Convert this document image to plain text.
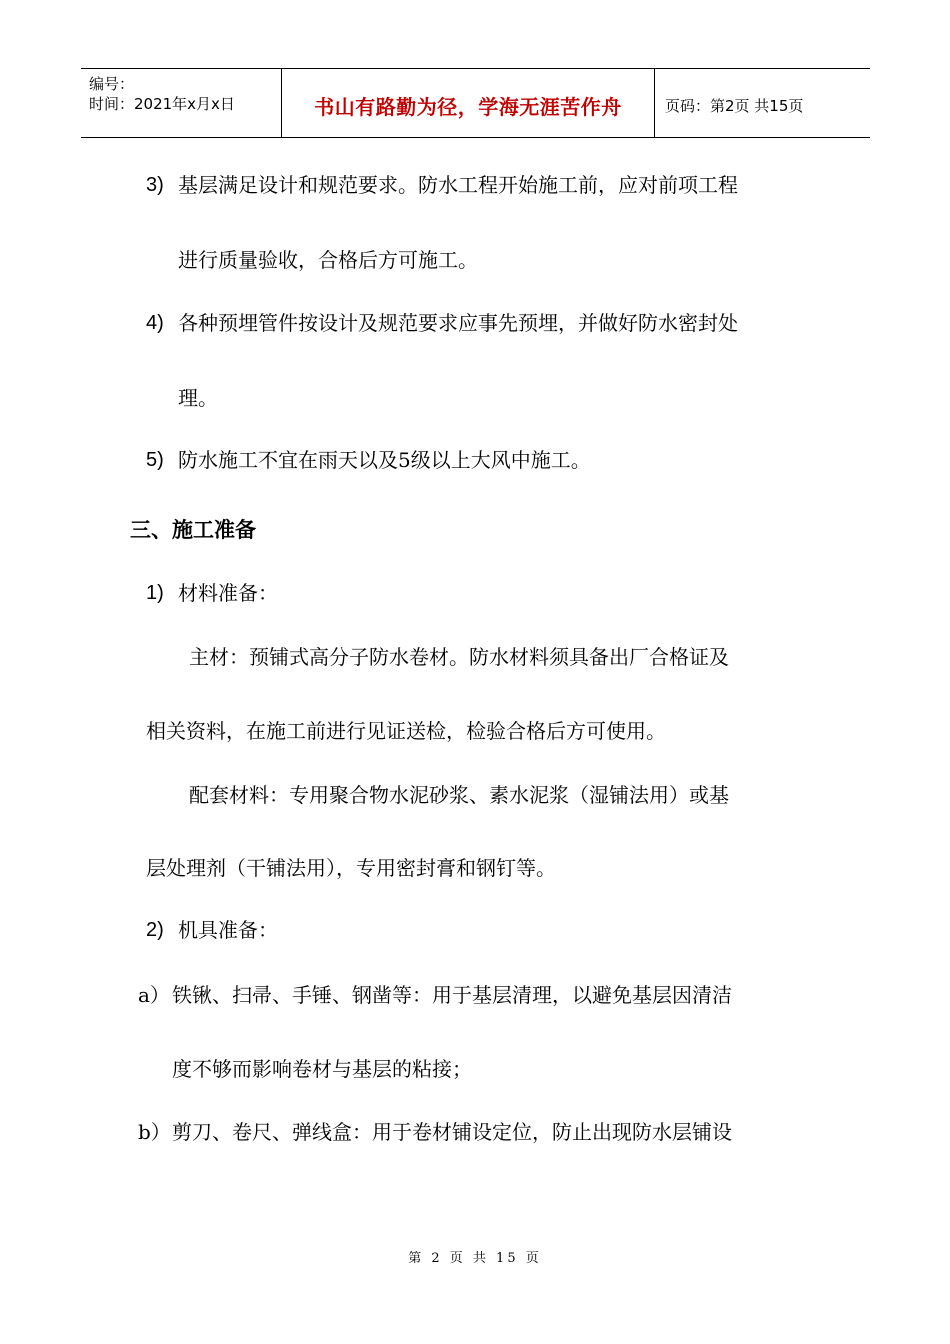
编号：
时间：2021年x月x日	书山有路勤为径，学海无涯苦作舟	页码：第2页 共15页
3) 基层满足设计和规范要求。防水工程开始施工前，应对前项工程
进行质量验收，合格后方可施工。
4) 各种预埋管件按设计及规范要求应事先预埋，并做好防水密封处
理。
5) 防水施工不宜在雨天以及5级以上大风中施工。
三、施工准备
1) 材料准备：
主材：预铺式高分子防水卷材。防水材料须具备出厂合格证及
相关资料，在施工前进行见证送检，检验合格后方可使用。
配套材料：专用聚合物水泥砂浆、素水泥浆（湿铺法用）或基
层处理剂（干铺法用），专用密封膏和钢钉等。
2) 机具准备：
a） 铁锹、扫帚、手锤、钢凿等：用于基层清理，以避免基层因清洁
度不够而影响卷材与基层的粘接；
b） 剪刀、卷尺、弹线盒：用于卷材铺设定位，防止出现防水层铺设
第 2 页 共 15 页
